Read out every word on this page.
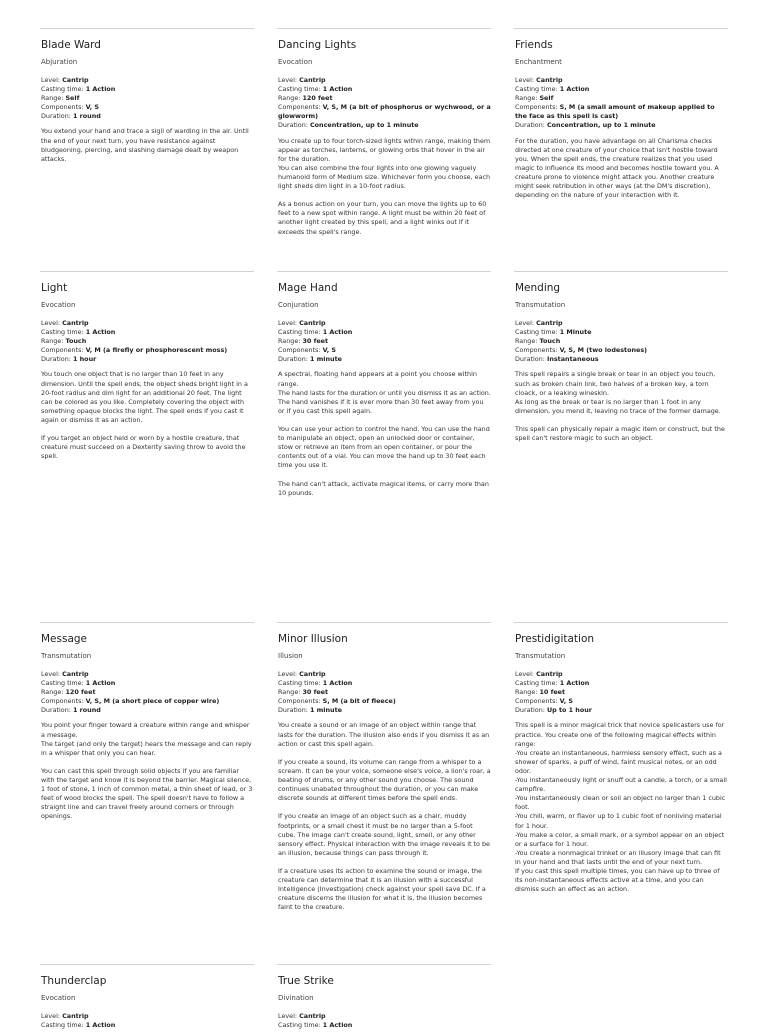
Blade Ward
Abjuration
Level: Cantrip
Casting time: 1 Action
Range: Self
Components: V, S
Duration: 1 round
You extend your hand and trace a sigil of warding in the air. Until the end of your next turn, you have resistance against bludgeoning, piercing, and slashing damage dealt by weapon attacks.
Dancing Lights
Evocation
Level: Cantrip
Casting time: 1 Action
Range: 120 feet
Components: V, S, M (a bit of phosphorus or wychwood, or a glowworm)
Duration: Concentration, up to 1 minute
You create up to four torch-sized lights within range, making them appear as torches, lanterns, or glowing orbs that hover in the air for the duration.
You can also combine the four lights into one glowing vaguely humanoid form of Medium size. Whichever form you choose, each light sheds dim light in a 10-foot radius.

As a bonus action on your turn, you can move the lights up to 60 feet to a new spot within range. A light must be within 20 feet of another light created by this spell, and a light winks out if it exceeds the spell's range.
Friends
Enchantment
Level: Cantrip
Casting time: 1 Action
Range: Self
Components: S, M (a small amount of makeup applied to the face as this spell is cast)
Duration: Concentration, up to 1 minute
For the duration, you have advantage on all Charisma checks directed at one creature of your choice that isn't hostile toward you. When the spell ends, the creature realizes that you used magic to influence its mood and becomes hostile toward you. A creature prone to violence might attack you. Another creature might seek retribution in other ways (at the DM's discretion), depending on the nature of your interaction with it.
Light
Evocation
Level: Cantrip
Casting time: 1 Action
Range: Touch
Components: V, M (a firefly or phosphorescent moss)
Duration: 1 hour
You touch one object that is no larger than 10 feet in any dimension. Until the spell ends, the object sheds bright light in a 20-foot radius and dim light for an additional 20 feet. The light can be colored as you like. Completely covering the object with something opaque blocks the light. The spell ends if you cast it again or dismiss it as an action.

If you target an object held or worn by a hostile creature, that creature must succeed on a Dexterity saving throw to avoid the spell.
Mage Hand
Conjuration
Level: Cantrip
Casting time: 1 Action
Range: 30 feet
Components: V, S
Duration: 1 minute
A spectral, floating hand appears at a point you choose within range.
The hand lasts for the duration or until you dismiss it as an action. The hand vanishes if it is ever more than 30 feet away from you or if you cast this spell again.

You can use your action to control the hand. You can use the hand to manipulate an object, open an unlocked door or container, stow or retrieve an item from an open container, or pour the contents out of a vial. You can move the hand up to 30 feet each time you use it.

The hand can't attack, activate magical items, or carry more than 10 pounds.
Mending
Transmutation
Level: Cantrip
Casting time: 1 Minute
Range: Touch
Components: V, S, M (two lodestones)
Duration: Instantaneous
This spell repairs a single break or tear in an object you touch, such as broken chain link, two halves of a broken key, a torn cloack, or a leaking wineskin.
As long as the break or tear is no larger than 1 foot in any dimension, you mend it, leaving no trace of the former damage.

This spell can physically repair a magic item or construct, but the spell can't restore magic to such an object.
Message
Transmutation
Level: Cantrip
Casting time: 1 Action
Range: 120 feet
Components: V, S, M (a short piece of copper wire)
Duration: 1 round
You point your finger toward a creature within range and whisper a message.
The target (and only the target) hears the message and can reply in a whisper that only you can hear.

You can cast this spell through solid objects if you are familiar with the target and know it is beyond the barrier. Magical silence, 1 foot of stone, 1 inch of common metal, a thin sheet of lead, or 3 feet of wood blocks the spell. The spell doesn't have to follow a straight line and can travel freely around corners or through openings.
Minor Illusion
Illusion
Level: Cantrip
Casting time: 1 Action
Range: 30 feet
Components: S, M (a bit of fleece)
Duration: 1 minute
You create a sound or an image of an object within range that lasts for the duration. The illusion also ends if you dismiss it as an action or cast this spell again.

If you create a sound, its volume can range from a whisper to a scream. It can be your voice, someone else's voice, a lion's roar, a beating of drums, or any other sound you choose. The sound continues unabated throughout the duration, or you can make discrete sounds at different times before the spell ends.

If you create an image of an object such as a chair, muddy footprints, or a small chest it must be no larger than a 5-foot cube. The image can't create sound, light, smell, or any other sensory effect. Physical interaction with the image reveals it to be an illusion, because things can pass through it.

If a creature uses its action to examine the sound or image, the creature can determine that it is an illusion with a successful Intelligence (Investigation) check against your spell save DC. If a creature discerns the illusion for what it is, the illusion becomes faint to the creature.
Prestidigitation
Transmutation
Level: Cantrip
Casting time: 1 Action
Range: 10 feet
Components: V, S
Duration: Up to 1 hour
This spell is a minor magical trick that novice spellcasters use for practice. You create one of the following magical effects within range:
-You create an instantaneous, harmless sensory effect, such as a shower of sparks, a puff of wind, faint musical notes, or an odd odor.
-You instantaneously light or snuff out a candle, a torch, or a small campfire.
-You instantaneously clean or soil an object no larger than 1 cubic foot.
-You chill, warm, or flavor up to 1 cubic foot of nonliving material for 1 hour.
-You make a color, a small mark, or a symbol appear on an object or a surface for 1 hour.
-You create a nonmagical trinket or an illusory image that can fit in your hand and that lasts until the end of your next turn.
If you cast this spell multiple times, you can have up to three of its non-instantaneous effects active at a time, and you can dismiss such an effect as an action.
Thunderclap
Evocation
Level: Cantrip
Casting time: 1 Action
True Strike
Divination
Level: Cantrip
Casting time: 1 Action
